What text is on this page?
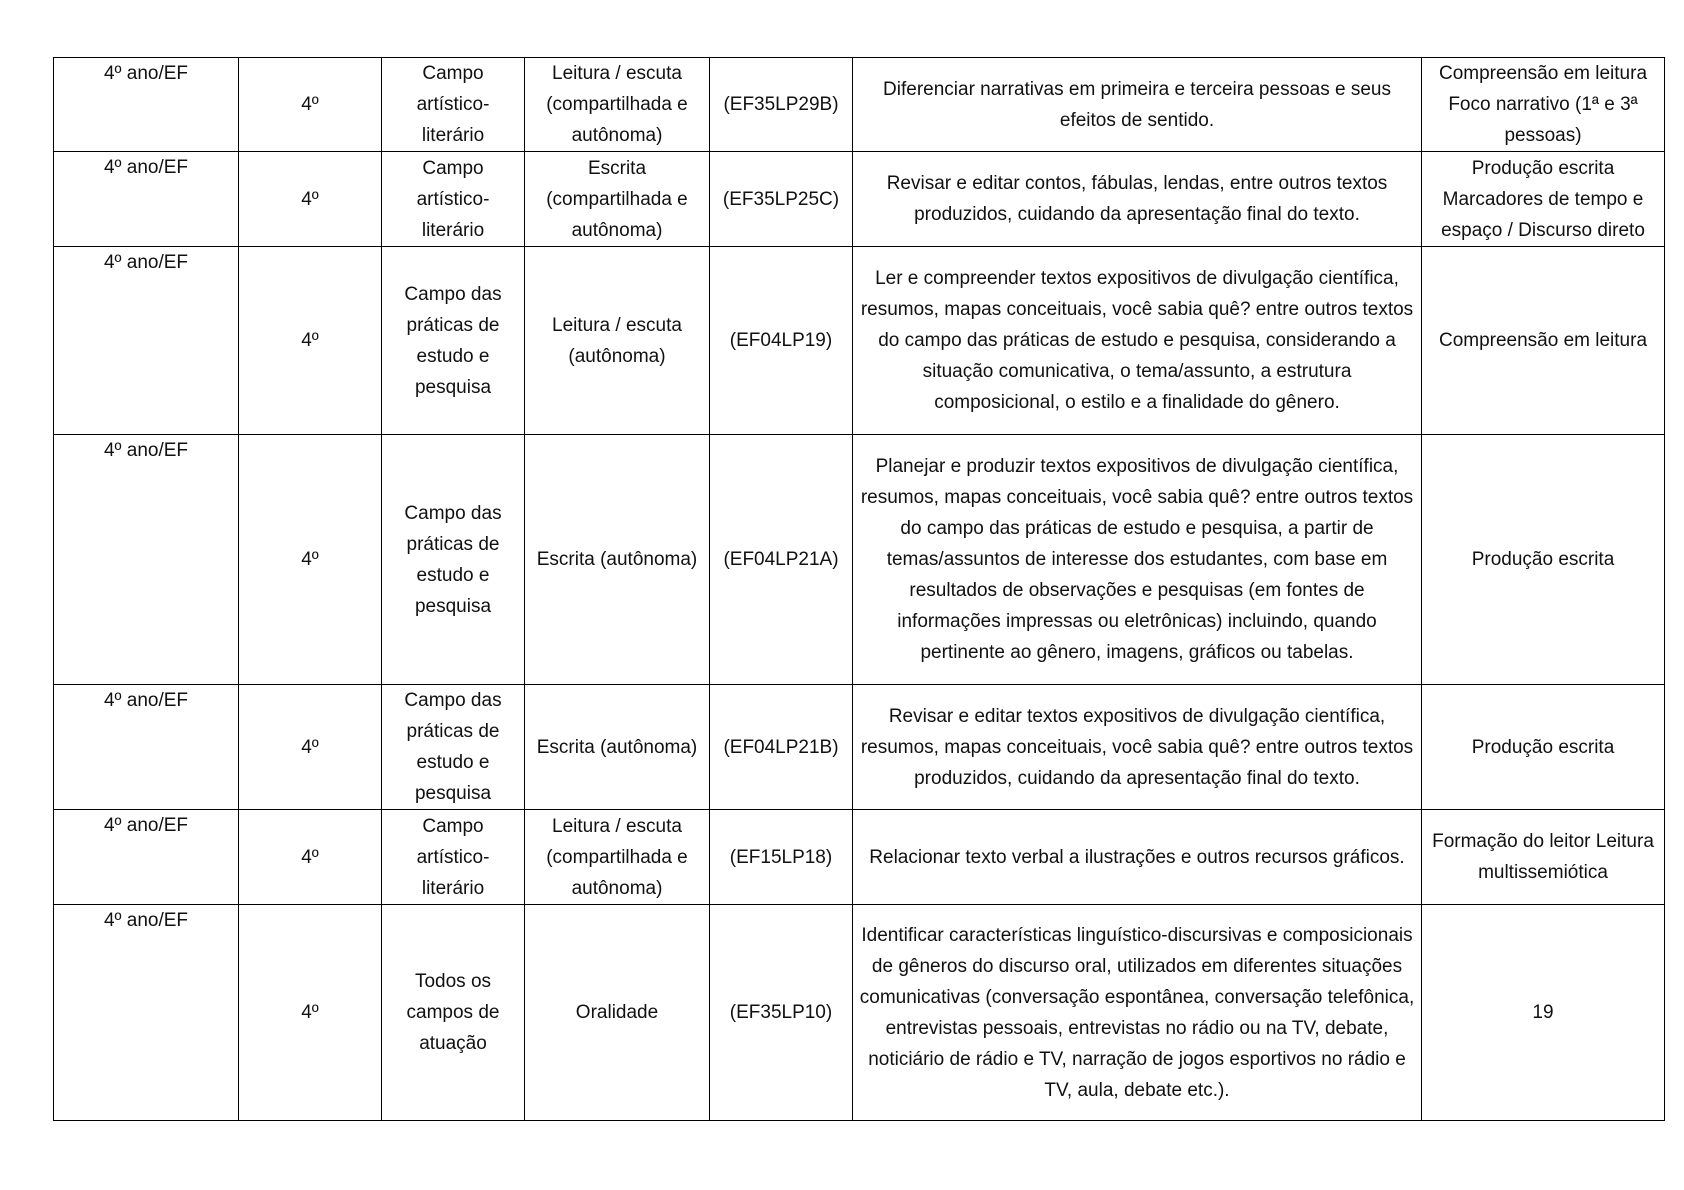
4º ano/EF	4º	Campo artístico-literário	Leitura / escuta (compartilhada e autônoma)	(EF35LP29B)	Diferenciar narrativas em primeira e terceira pessoas e seus efeitos de sentido.	Compreensão em leitura Foco narrativo (1ª e 3ª pessoas)
4º ano/EF	4º	Campo artístico-literário	Escrita (compartilhada e autônoma)	(EF35LP25C)	Revisar e editar contos, fábulas, lendas, entre outros textos produzidos, cuidando da apresentação final do texto.	Produção escrita Marcadores de tempo e espaço / Discurso direto
4º ano/EF	4º	Campo das práticas de estudo e pesquisa	Leitura / escuta (autônoma)	(EF04LP19)	Ler e compreender textos expositivos de divulgação científica, resumos, mapas conceituais, você sabia quê? entre outros textos do campo das práticas de estudo e pesquisa, considerando a situação comunicativa, o tema/assunto, a estrutura composicional, o estilo e a finalidade do gênero.	Compreensão em leitura
4º ano/EF	4º	Campo das práticas de estudo e pesquisa	Escrita (autônoma)	(EF04LP21A)	Planejar e produzir textos expositivos de divulgação científica, resumos, mapas conceituais, você sabia quê? entre outros textos do campo das práticas de estudo e pesquisa, a partir de temas/assuntos de interesse dos estudantes, com base em resultados de observações e pesquisas (em fontes de informações impressas ou eletrônicas) incluindo, quando pertinente ao gênero, imagens, gráficos ou tabelas.	Produção escrita
4º ano/EF	4º	Campo das práticas de estudo e pesquisa	Escrita (autônoma)	(EF04LP21B)	Revisar e editar textos expositivos de divulgação científica, resumos, mapas conceituais, você sabia quê? entre outros textos produzidos, cuidando da apresentação final do texto.	Produção escrita
4º ano/EF	4º	Campo artístico-literário	Leitura / escuta (compartilhada e autônoma)	(EF15LP18)	Relacionar texto verbal a ilustrações e outros recursos gráficos.	Formação do leitor Leitura multissemiótica
4º ano/EF	4º	Todos os campos de atuação	Oralidade	(EF35LP10)	Identificar características linguístico-discursivas e composicionais de gêneros do discurso oral, utilizados em diferentes situações comunicativas (conversação espontânea, conversação telefônica, entrevistas pessoais, entrevistas no rádio ou na TV, debate, noticiário de rádio e TV, narração de jogos esportivos no rádio e TV, aula, debate etc.).	19
